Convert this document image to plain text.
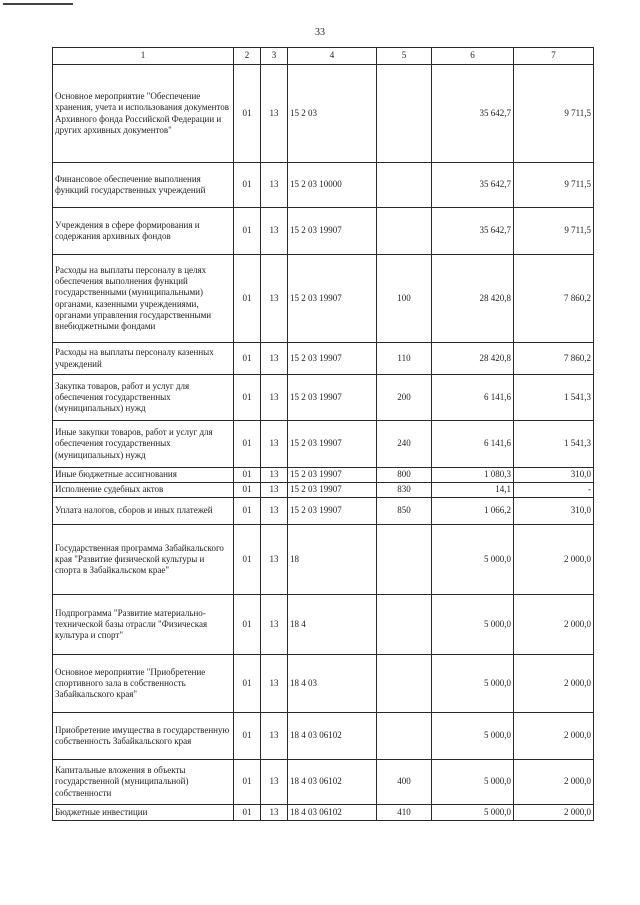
33
1	2	3	4	5	6	7
Основное мероприятие "Обеспечение хранения, учета и использования документов Архивного фонда Российской Федерации и других архивных документов"	01	13	15 2 03		35 642,7	9 711,5
Финансовое обеспечение выполнения функций государственных учреждений	01	13	15 2 03 10000		35 642,7	9 711,5
Учреждения в сфере формирования и содержания архивных фондов	01	13	15 2 03 19907		35 642,7	9 711,5
Расходы на выплаты персоналу в целях обеспечения выполнения функций государственными (муниципальными) органами, казенными учреждениями, органами управления государственными внебюджетными фондами	01	13	15 2 03 19907	100	28 420,8	7 860,2
Расходы на выплаты персоналу казенных учреждений	01	13	15 2 03 19907	110	28 420,8	7 860,2
Закупка товаров, работ и услуг для обеспечения государственных (муниципальных) нужд	01	13	15 2 03 19907	200	6 141,6	1 541,3
Иные закупки товаров, работ и услуг для обеспечения государственных (муниципальных) нужд	01	13	15 2 03 19907	240	6 141,6	1 541,3
Иные бюджетные ассигнования	01	13	15 2 03 19907	800	1 080,3	310,0
Исполнение судебных актов	01	13	15 2 03 19907	830	14,1	-
Уплата налогов, сборов и иных платежей	01	13	15 2 03 19907	850	1 066,2	310,0
Государственная программа Забайкальского края "Развитие физической культуры и спорта в Забайкальском крае"	01	13	18		5 000,0	2 000,0
Подпрограмма "Развитие материально-технической базы отрасли "Физическая культура и спорт"	01	13	18 4		5 000,0	2 000,0
Основное мероприятие "Приобретение спортивного зала в собственность Забайкальского края"	01	13	18 4 03		5 000,0	2 000,0
Приобретение имущества в государственную собственность Забайкальского края	01	13	18 4 03 06102		5 000,0	2 000,0
Капитальные вложения в объекты государственной (муниципальной) собственности	01	13	18 4 03 06102	400	5 000,0	2 000,0
Бюджетные инвестиции	01	13	18 4 03 06102	410	5 000,0	2 000,0
